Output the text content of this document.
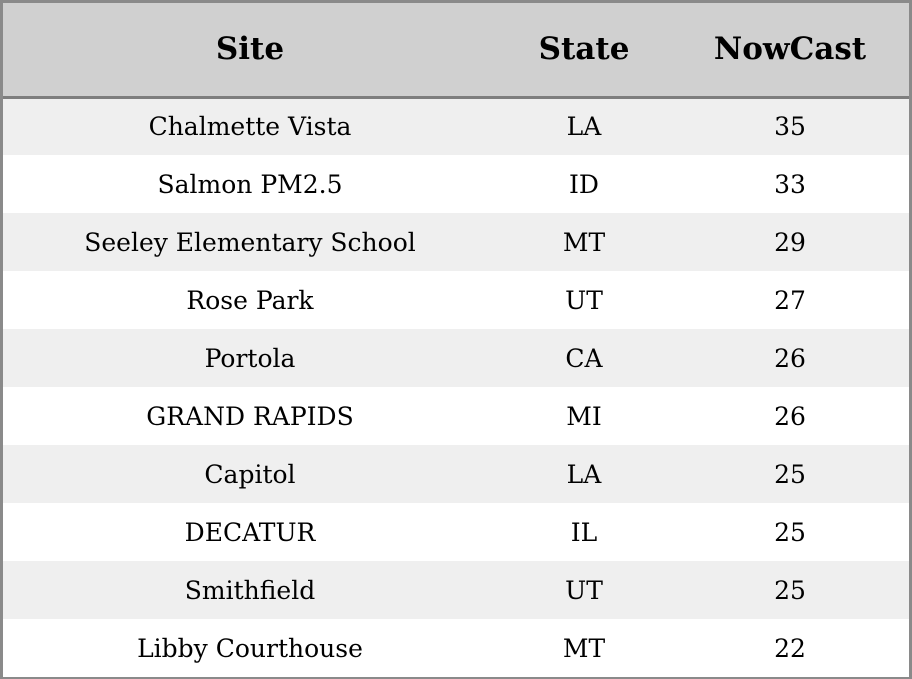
Site	State	NowCast
Chalmette Vista	LA	35
Salmon PM2.5	ID	33
Seeley Elementary School	MT	29
Rose Park	UT	27
Portola	CA	26
GRAND RAPIDS	MI	26
Capitol	LA	25
DECATUR	IL	25
Smithfield	UT	25
Libby Courthouse	MT	22
